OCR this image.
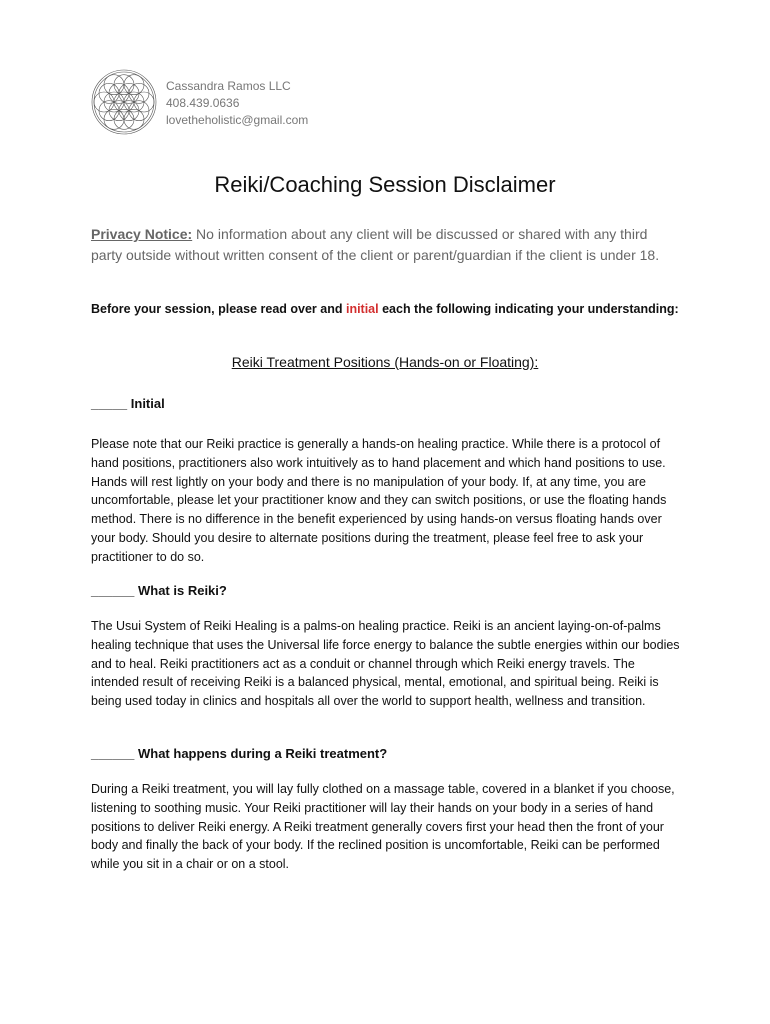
Cassandra Ramos LLC
408.439.0636
lovetheholistic@gmail.com
Reiki/Coaching Session Disclaimer
Privacy Notice: No information about any client will be discussed or shared with any third party outside without written consent of the client or parent/guardian if the client is under 18.
Before your session, please read over and initial each the following indicating your understanding:
Reiki Treatment Positions (Hands-on or Floating):
_____ Initial
Please note that our Reiki practice is generally a hands-on healing practice. While there is a protocol of hand positions, practitioners also work intuitively as to hand placement and which hand positions to use. Hands will rest lightly on your body and there is no manipulation of your body. If, at any time, you are uncomfortable, please let your practitioner know and they can switch positions, or use the floating hands method. There is no difference in the benefit experienced by using hands-on versus floating hands over your body. Should you desire to alternate positions during the treatment, please feel free to ask your practitioner to do so.
______ What is Reiki?
The Usui System of Reiki Healing is a palms-on healing practice. Reiki is an ancient laying-on-of-palms healing technique that uses the Universal life force energy to balance the subtle energies within our bodies and to heal. Reiki practitioners act as a conduit or channel through which Reiki energy travels. The intended result of receiving Reiki is a balanced physical, mental, emotional, and spiritual being. Reiki is being used today in clinics and hospitals all over the world to support health, wellness and transition.
______ What happens during a Reiki treatment?
During a Reiki treatment, you will lay fully clothed on a massage table, covered in a blanket if you choose, listening to soothing music. Your Reiki practitioner will lay their hands on your body in a series of hand positions to deliver Reiki energy. A Reiki treatment generally covers first your head then the front of your body and finally the back of your body. If the reclined position is uncomfortable, Reiki can be performed while you sit in a chair or on a stool.
